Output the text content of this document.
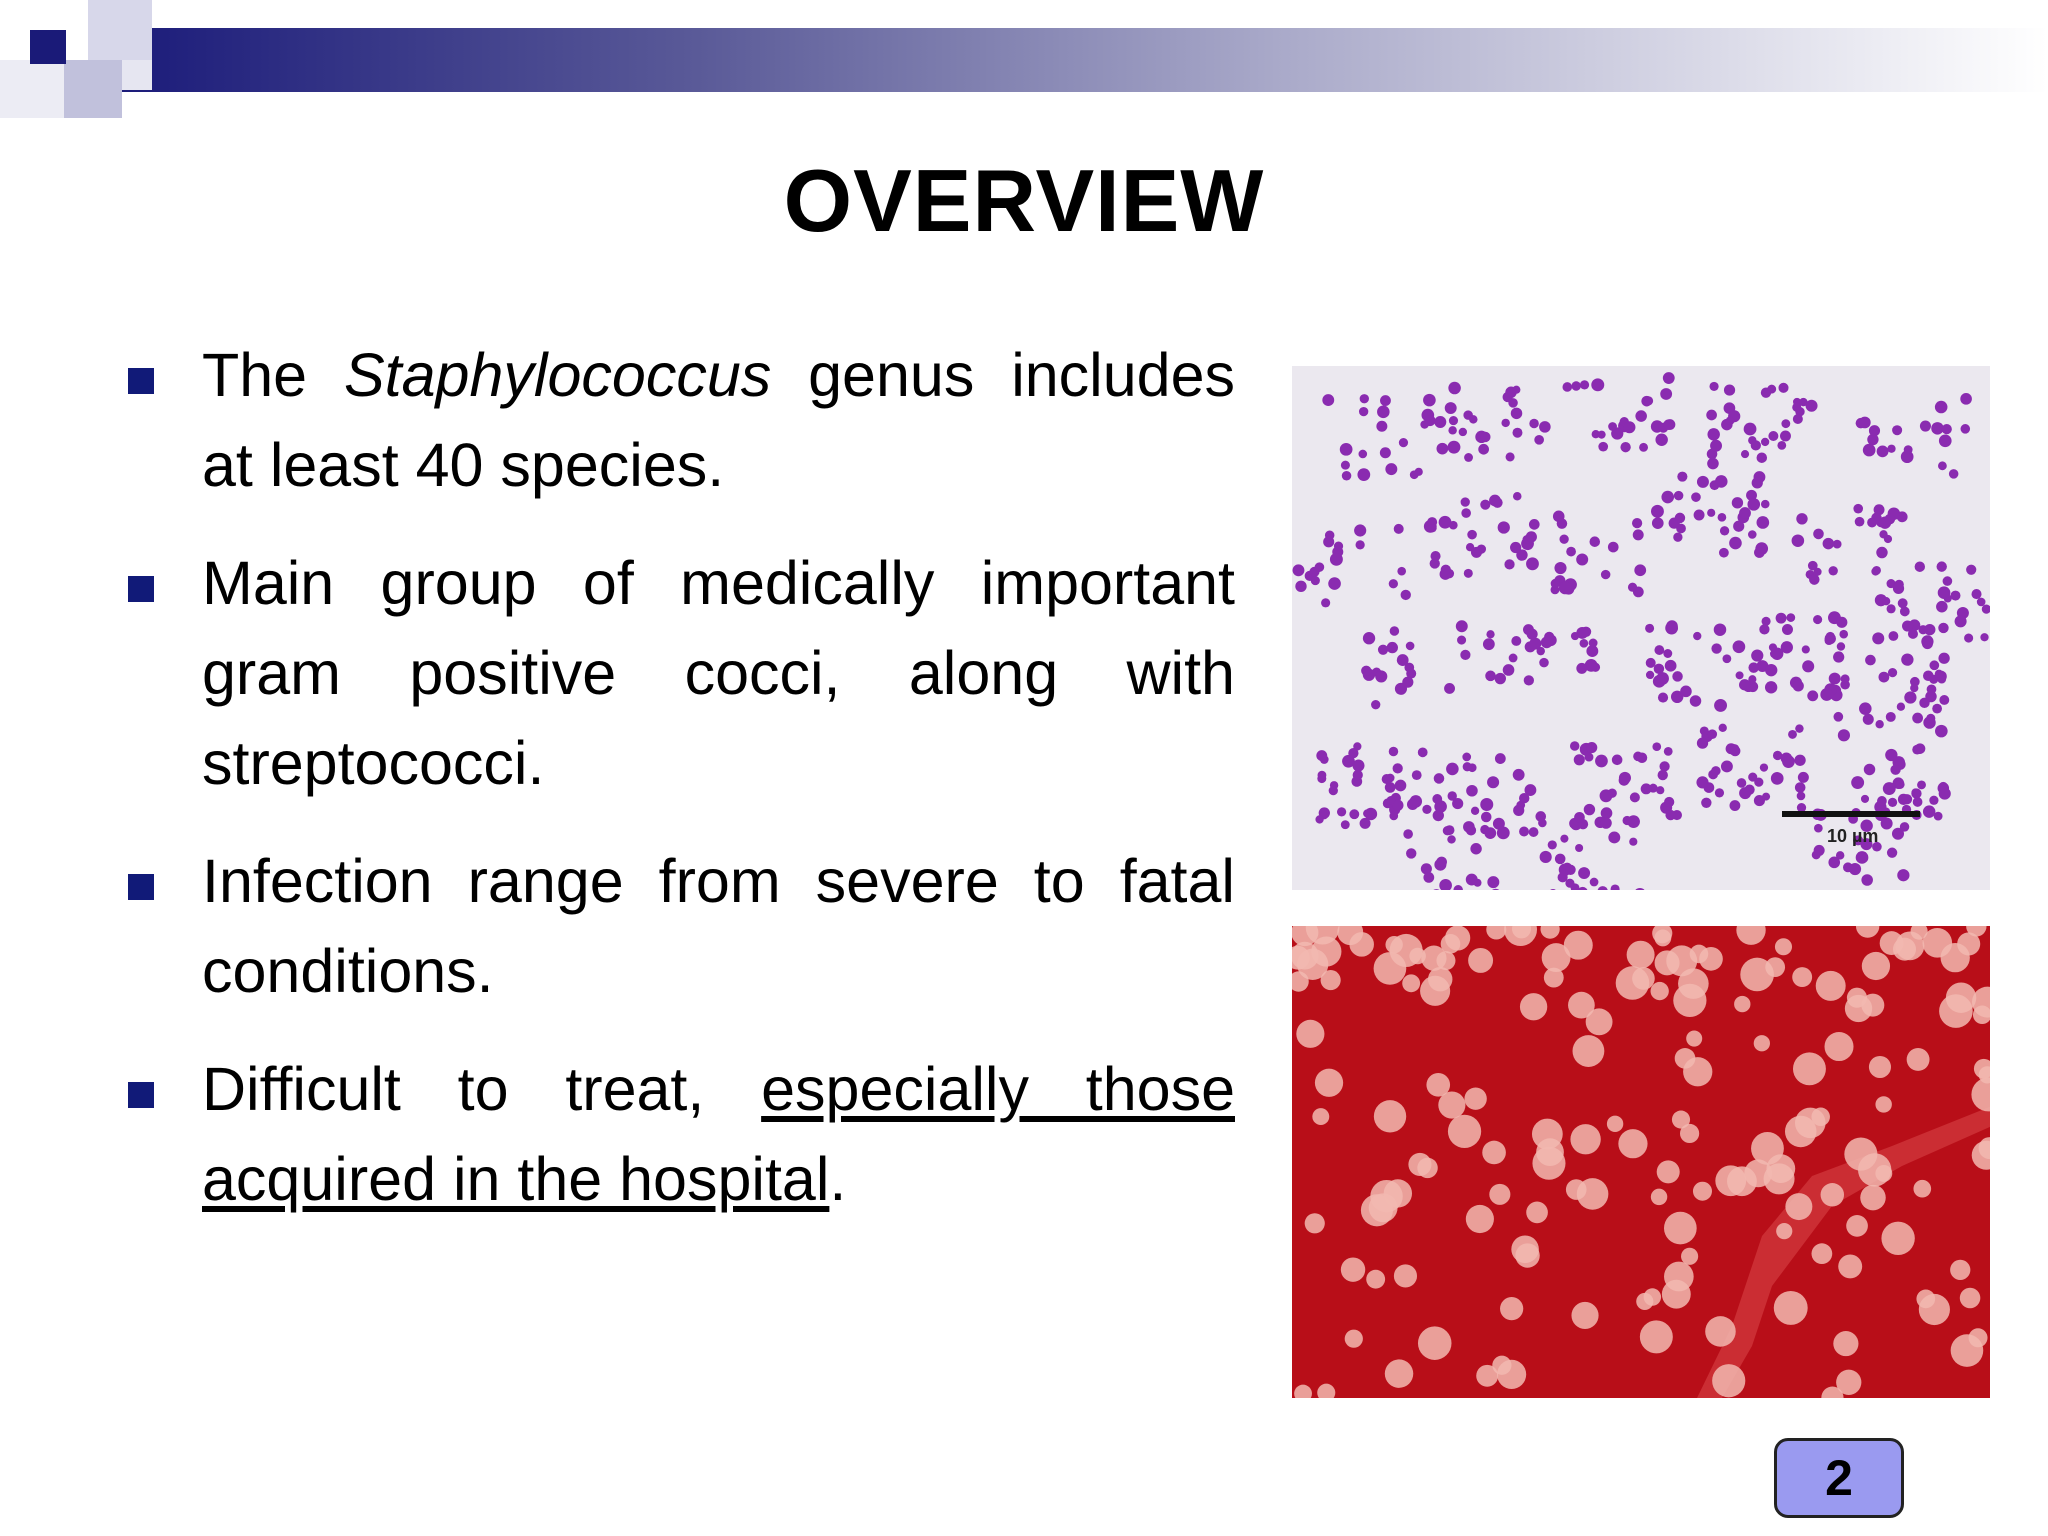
OVERVIEW
The Staphylococcus genus includes at least 40 species.
Main group of medically important gram positive cocci, along with streptococci.
Infection range from severe to fatal conditions.
Difficult to treat, especially those acquired in the hospital.
10 µm
2
